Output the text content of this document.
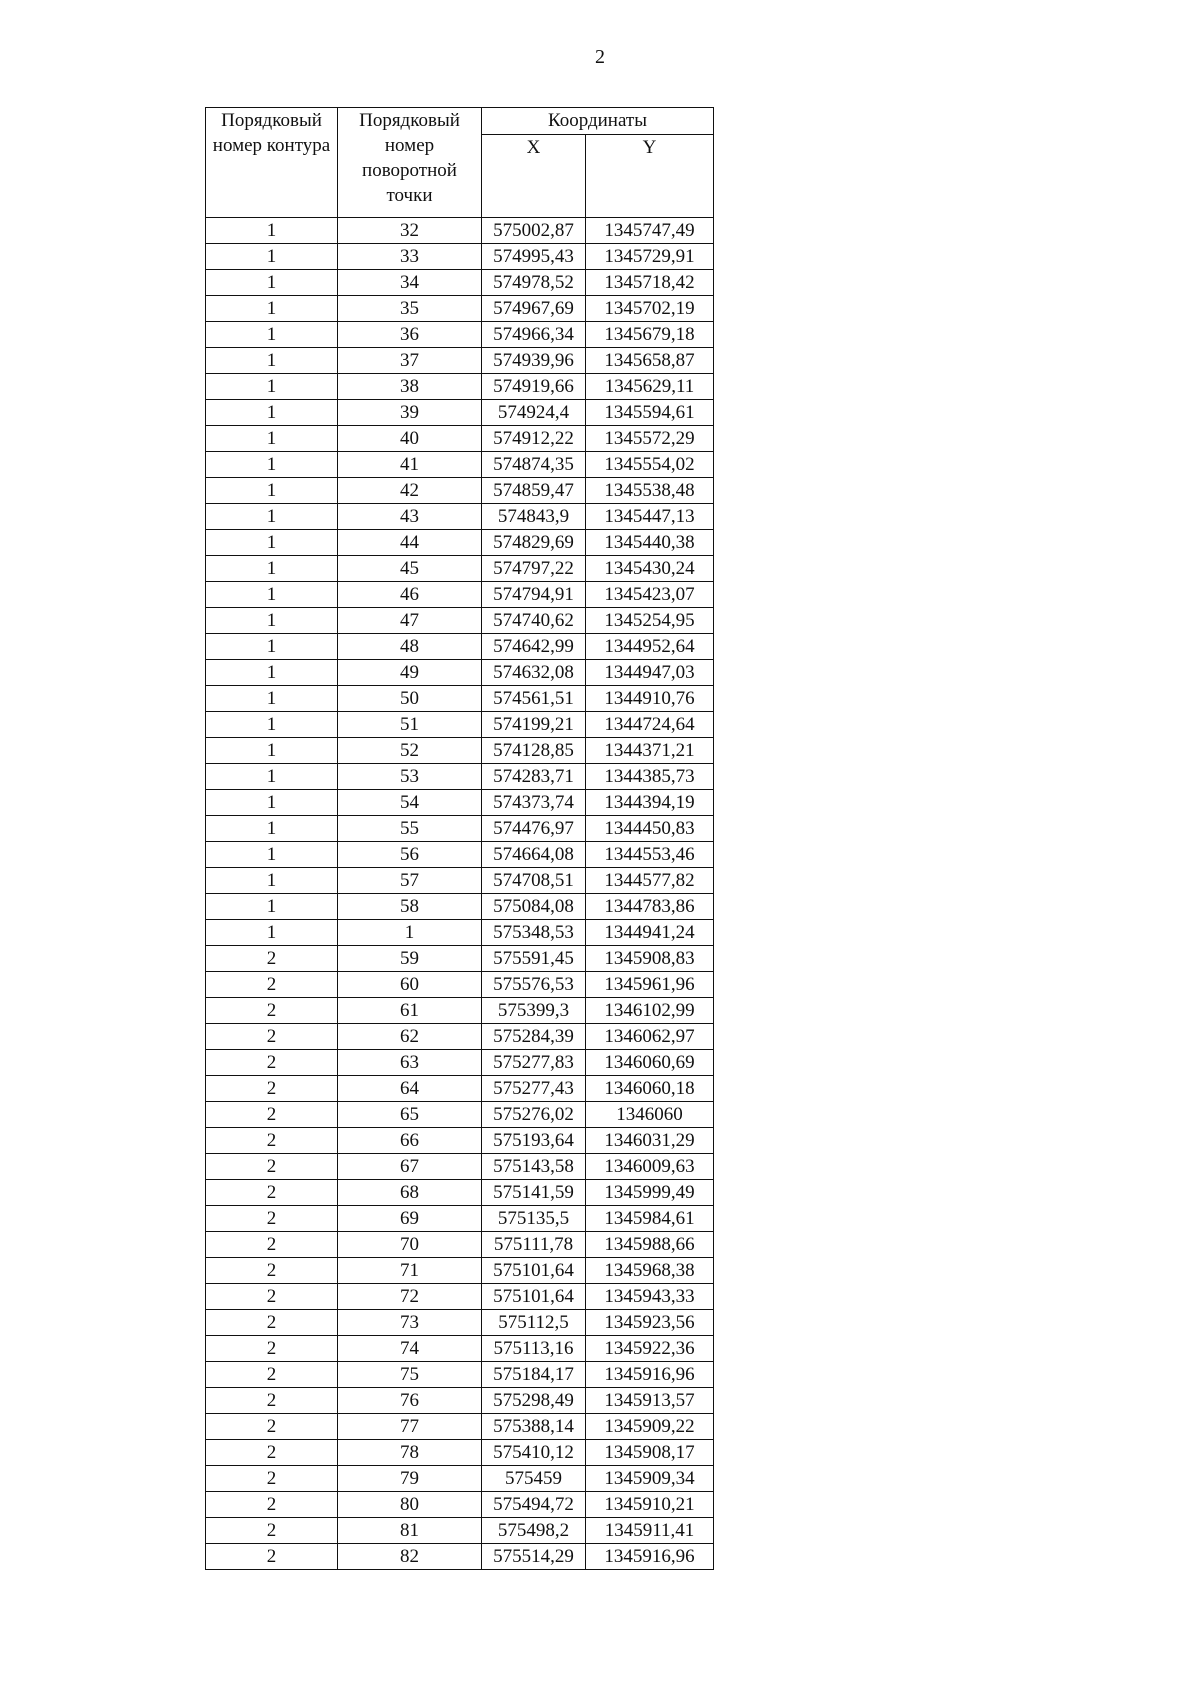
2
Порядковый номер контура	Порядковый номер поворотной точки	Координаты	
		X	Y
1	32	575002,87	1345747,49
1	33	574995,43	1345729,91
1	34	574978,52	1345718,42
1	35	574967,69	1345702,19
1	36	574966,34	1345679,18
1	37	574939,96	1345658,87
1	38	574919,66	1345629,11
1	39	574924,4	1345594,61
1	40	574912,22	1345572,29
1	41	574874,35	1345554,02
1	42	574859,47	1345538,48
1	43	574843,9	1345447,13
1	44	574829,69	1345440,38
1	45	574797,22	1345430,24
1	46	574794,91	1345423,07
1	47	574740,62	1345254,95
1	48	574642,99	1344952,64
1	49	574632,08	1344947,03
1	50	574561,51	1344910,76
1	51	574199,21	1344724,64
1	52	574128,85	1344371,21
1	53	574283,71	1344385,73
1	54	574373,74	1344394,19
1	55	574476,97	1344450,83
1	56	574664,08	1344553,46
1	57	574708,51	1344577,82
1	58	575084,08	1344783,86
1	1	575348,53	1344941,24
2	59	575591,45	1345908,83
2	60	575576,53	1345961,96
2	61	575399,3	1346102,99
2	62	575284,39	1346062,97
2	63	575277,83	1346060,69
2	64	575277,43	1346060,18
2	65	575276,02	1346060
2	66	575193,64	1346031,29
2	67	575143,58	1346009,63
2	68	575141,59	1345999,49
2	69	575135,5	1345984,61
2	70	575111,78	1345988,66
2	71	575101,64	1345968,38
2	72	575101,64	1345943,33
2	73	575112,5	1345923,56
2	74	575113,16	1345922,36
2	75	575184,17	1345916,96
2	76	575298,49	1345913,57
2	77	575388,14	1345909,22
2	78	575410,12	1345908,17
2	79	575459	1345909,34
2	80	575494,72	1345910,21
2	81	575498,2	1345911,41
2	82	575514,29	1345916,96
